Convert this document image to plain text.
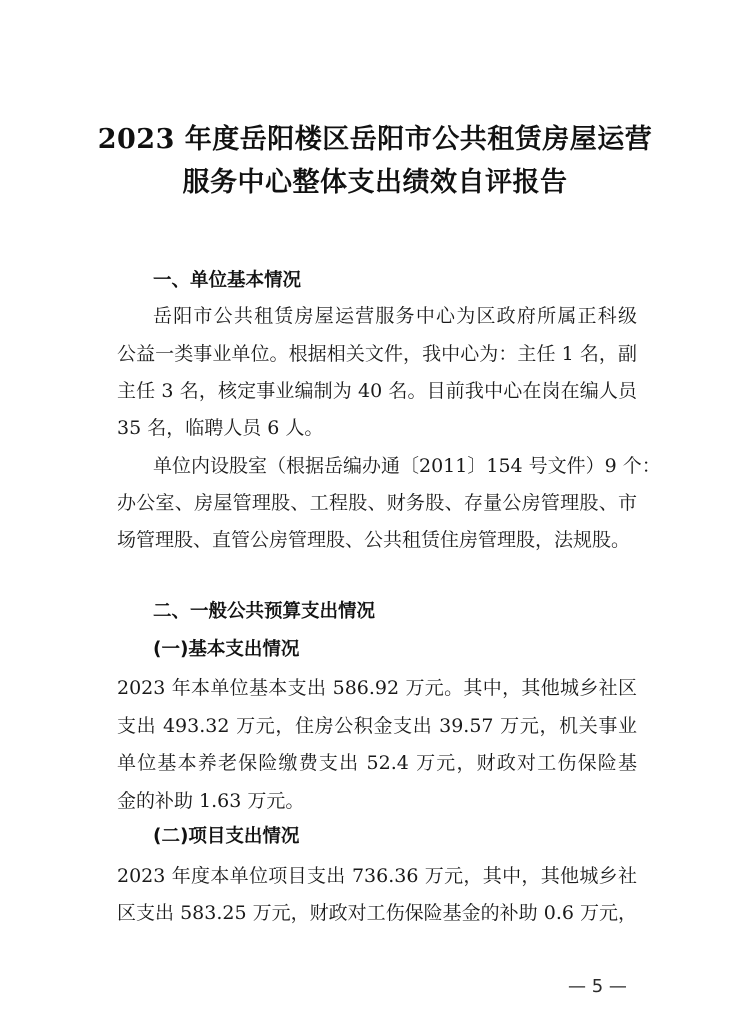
2023 年度岳阳楼区岳阳市公共租赁房屋运营
服务中心整体支出绩效自评报告
一、单位基本情况
岳阳市公共租赁房屋运营服务中心为区政府所属正科级
公益一类事业单位。根据相关文件，我中心为：主任 1 名，副
主任 3 名，核定事业编制为 40 名。目前我中心在岗在编人员
35 名，临聘人员 6 人。
单位内设股室（根据岳编办通〔2011〕154 号文件）9 个：
办公室、房屋管理股、工程股、财务股、存量公房管理股、市
场管理股、直管公房管理股、公共租赁住房管理股，法规股。
二、一般公共预算支出情况
(一)基本支出情况
2023 年本单位基本支出 586.92 万元。其中，其他城乡社区
支出 493.32 万元，住房公积金支出 39.57 万元，机关事业
单位基本养老保险缴费支出 52.4 万元，财政对工伤保险基
金的补助 1.63 万元。
(二)项目支出情况
2023 年度本单位项目支出 736.36 万元，其中，其他城乡社
区支出 583.25 万元，财政对工伤保险基金的补助 0.6 万元，
— 5 —
